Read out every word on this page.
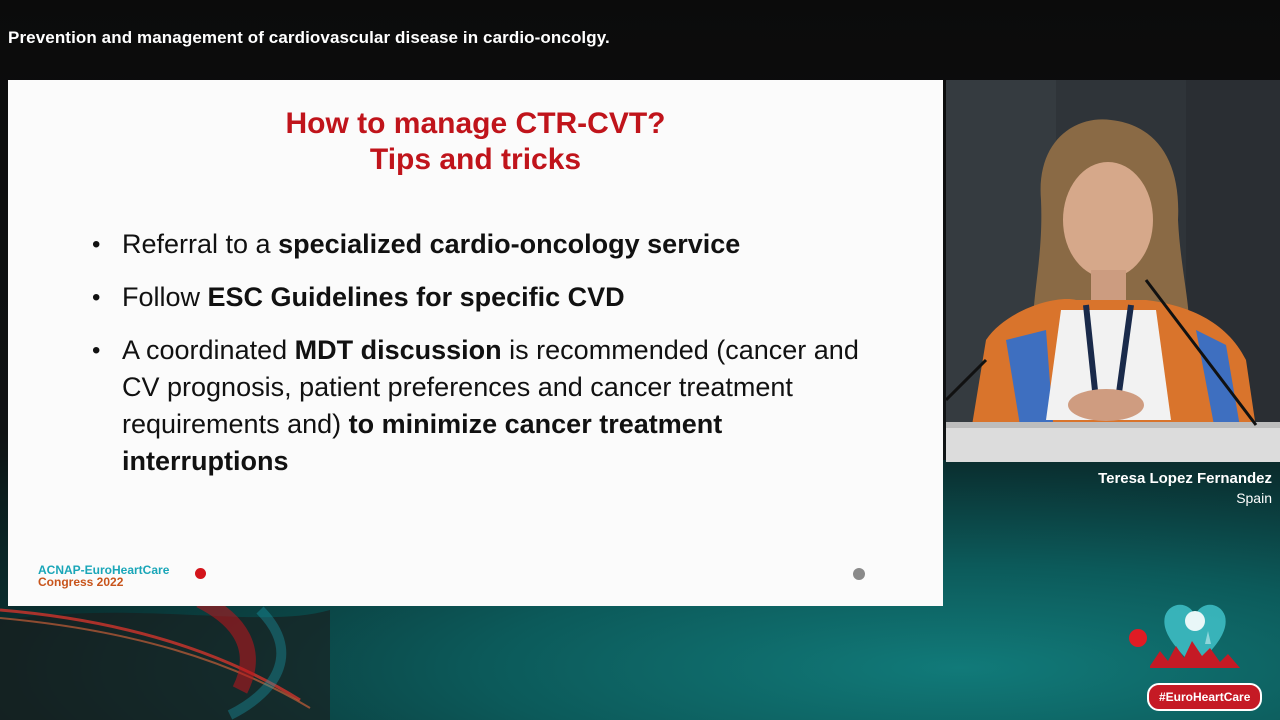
Prevention and management of cardiovascular disease in cardio-oncolgy.
How to manage CTR-CVT?
Tips and tricks
• Referral to a specialized cardio-oncology service
• Follow ESC Guidelines for specific CVD
• A coordinated MDT discussion is recommended (cancer and CV prognosis, patient preferences and cancer treatment requirements and) to minimize cancer treatment interruptions
ACNAP-EuroHeartCare
Congress 2022
Teresa Lopez Fernandez
Spain
#EuroHeartCare
